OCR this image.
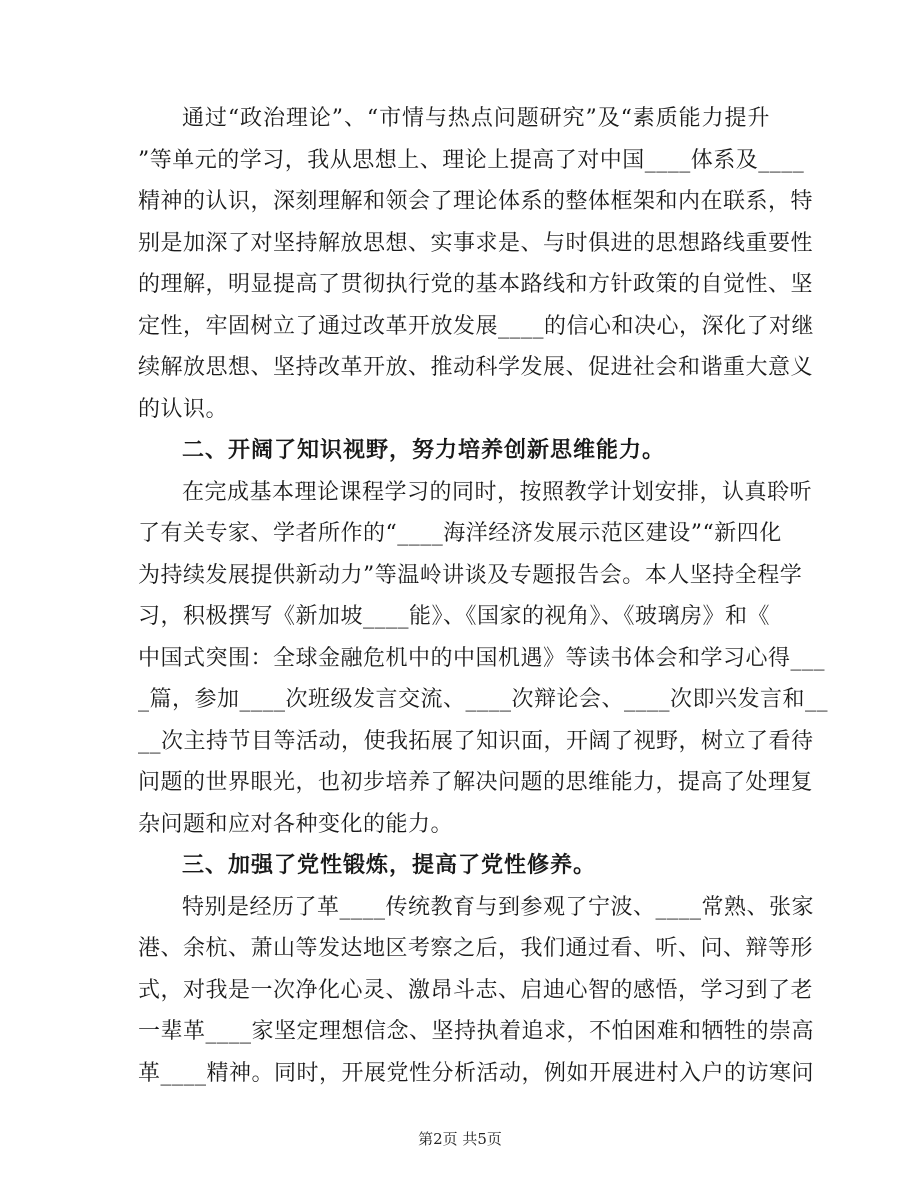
通过“政治理论”、“市情与热点问题研究”及“素质能力提升
”等单元的学习，我从思想上、理论上提高了对中国____体系及____
精神的认识，深刻理解和领会了理论体系的整体框架和内在联系，特
别是加深了对坚持解放思想、实事求是、与时俱进的思想路线重要性
的理解，明显提高了贯彻执行党的基本路线和方针政策的自觉性、坚
定性，牢固树立了通过改革开放发展____的信心和决心，深化了对继
续解放思想、坚持改革开放、推动科学发展、促进社会和谐重大意义
的认识。
二、开阔了知识视野，努力培养创新思维能力。
在完成基本理论课程学习的同时，按照教学计划安排，认真聆听
了有关专家、学者所作的“____海洋经济发展示范区建设”“新四化
为持续发展提供新动力”等温岭讲谈及专题报告会。本人坚持全程学
习，积极撰写《新加坡____能》、《国家的视角》、《玻璃房》和《
中国式突围：全球金融危机中的中国机遇》等读书体会和学习心得___
_篇，参加____次班级发言交流、____次辩论会、____次即兴发言和__
__次主持节目等活动，使我拓展了知识面，开阔了视野，树立了看待
问题的世界眼光，也初步培养了解决问题的思维能力，提高了处理复
杂问题和应对各种变化的能力。
三、加强了党性锻炼，提高了党性修养。
特别是经历了革____传统教育与到参观了宁波、____常熟、张家
港、余杭、萧山等发达地区考察之后，我们通过看、听、问、辩等形
式，对我是一次净化心灵、激昂斗志、启迪心智的感悟，学习到了老
一辈革____家坚定理想信念、坚持执着追求，不怕困难和牺牲的崇高
革____精神。同时，开展党性分析活动，例如开展进村入户的访寒问
第2页 共5页
